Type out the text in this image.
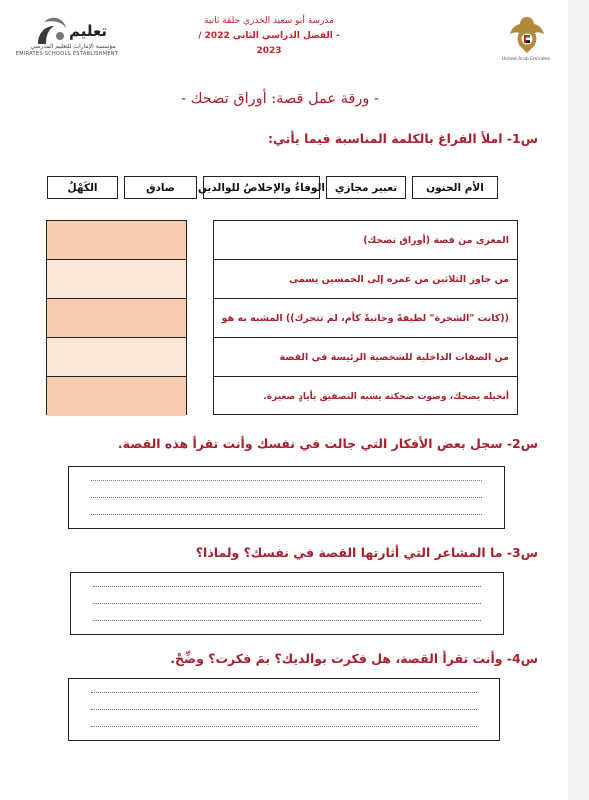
United Arab Emirates
مدرسة أبو سعيد الخدري حلقة ثانية
- الفصل الدراسي الثاني 2022 / 2023
تعليم
مؤسسة الإمارات للتعليم المدرسي
EMIRATES SCHOOLS ESTABLISHMENT
- ورقة عمل قصة: أوراق تضحك -
س1- املأ الفراغ بالكلمة المناسبة فيما يأتي:
الأم الحنون
تعبير مجازي
الوفاءُ والإخلاصُ للوالدين
صادق
الكَهْلُ
المغزى من قصة (أوراق تضحك)
من جاوز الثلاثين من عمره إلى الخمسين يسمى
((كانت "الشجرة" لطيفةً وحانيةً كأم، لم تتحرك)) المشبه به هو
من الصفات الداخلية للشخصية الرئيسة في القصة
أتخيله يضحك، وصوت ضحكته يشبه التصفيق بأيادٍ صغيرة.
س2- سجل بعض الأفكار التي جالت في نفسك وأنت تقرأ هذه القصة.
س3- ما المشاعر التي أثارتها القصة في نفسك؟ ولماذا؟
س4- وأنت تقرأ القصة، هل فكرت بوالديك؟ بمَ فكرت؟ وضِّحْ.
